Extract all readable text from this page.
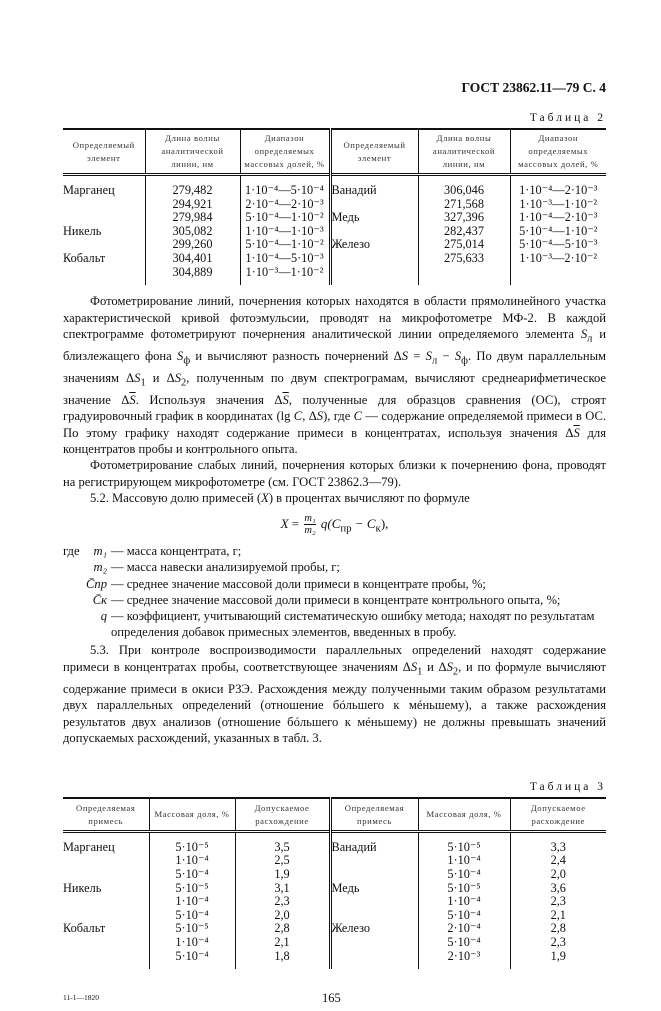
ГОСТ 23862.11—79 С. 4
Таблица 2
Определяемый элемент	Длина волны аналитической линии, нм	Диапазон определяемых массовых долей, %	Определяемый элемент	Длина волны аналитической линии, нм	Диапазон определяемых массовых долей, %
Марганец	279,482	1·10⁻⁴—5·10⁻⁴	Ванадий	306,046	1·10⁻⁴—2·10⁻³
	294,921	2·10⁻⁴—2·10⁻³		271,568	1·10⁻³—1·10⁻²
	279,984	5·10⁻⁴—1·10⁻²	Медь	327,396	1·10⁻⁴—2·10⁻³
Никель	305,082	1·10⁻⁴—1·10⁻³		282,437	5·10⁻⁴—1·10⁻²
	299,260	5·10⁻⁴—1·10⁻²	Железо	275,014	5·10⁻⁴—5·10⁻³
Кобальт	304,401	1·10⁻⁴—5·10⁻³		275,633	1·10⁻³—2·10⁻²
	304,889	1·10⁻³—1·10⁻²			
Фотометрирование линий, почернения которых находятся в области прямолинейного участка характеристической кривой фотоэмульсии, проводят на микрофотометре МФ-2. В каждой спектрограмме фотометрируют почернения аналитической линии определяемого элемента $S_л$ и близлежащего фона $S_ф$ и вычисляют разность почернений $\Delta S = S_л - S_ф$. По двум параллельным значениям $\Delta S_1$ и $\Delta S_2$, полученным по двум спектрограмам, вычисляют среднеарифметическое значение $\Delta\overline{S}$. Используя значения $\Delta\overline{S}$, полученные для образцов сравнения (ОС), строят градуировочный график в координатах (lg C, ΔS), где C — содержание определяемой примеси в ОС. По этому графику находят содержание примеси в концентратах, используя значения $\Delta\overline{S}$ для концентратов пробы и контрольного опыта.
Фотометрирование слабых линий, почернения которых близки к почернению фона, проводят на регистрирующем микрофотометре (см. ГОСТ 23862.3—79).
5.2. Массовую долю примесей (X) в процентах вычисляют по формуле
$X = \frac{\text{m₁}}{\text{m₂}} q(C_{пр} - C_к)$,
где	m₁ — масса концентрата, г;
m₂ — масса навески анализируемой пробы, г;
C̄пр — среднее значение массовой доли примеси в концентрате пробы, %;
C̄к — среднее значение массовой доли примеси в концентрате контрольного опыта, %;
q — коэффициент, учитывающий систематическую ошибку метода; находят по результатам определения добавок примесных элементов, введенных в пробу.
5.3. При контроле воспроизводимости параллельных определений находят содержание примеси в концентратах пробы, соответствующее значениям $\Delta S_1$ и $\Delta S_2$, и по формуле вычисляют содержание примеси в окиси РЗЭ. Расхождения между полученными таким образом результатами двух параллельных определений (отношение бóльшего к мéньшему), а также расхождения результатов двух анализов (отношение бóльшего к мéньшему) не должны превышать значений допускаемых расхождений, указанных в табл. 3.
Таблица 3
Определяемая примесь	Массовая доля, %	Допускаемое расхождение	Определяемая примесь	Массовая доля, %	Допускаемое расхождение
Марганец	5·10⁻⁵	3,5	Ванадий	5·10⁻⁵	3,3
	1·10⁻⁴	2,5		1·10⁻⁴	2,4
	5·10⁻⁴	1,9		5·10⁻⁴	2,0
Никель	5·10⁻⁵	3,1	Медь	5·10⁻⁵	3,6
	1·10⁻⁴	2,3		1·10⁻⁴	2,3
	5·10⁻⁴	2,0		5·10⁻⁴	2,1
Кобальт	5·10⁻⁵	2,8	Железо	2·10⁻⁴	2,8
	1·10⁻⁴	2,1		5·10⁻⁴	2,3
	5·10⁻⁴	1,8		2·10⁻³	1,9
11-1—1820	165
